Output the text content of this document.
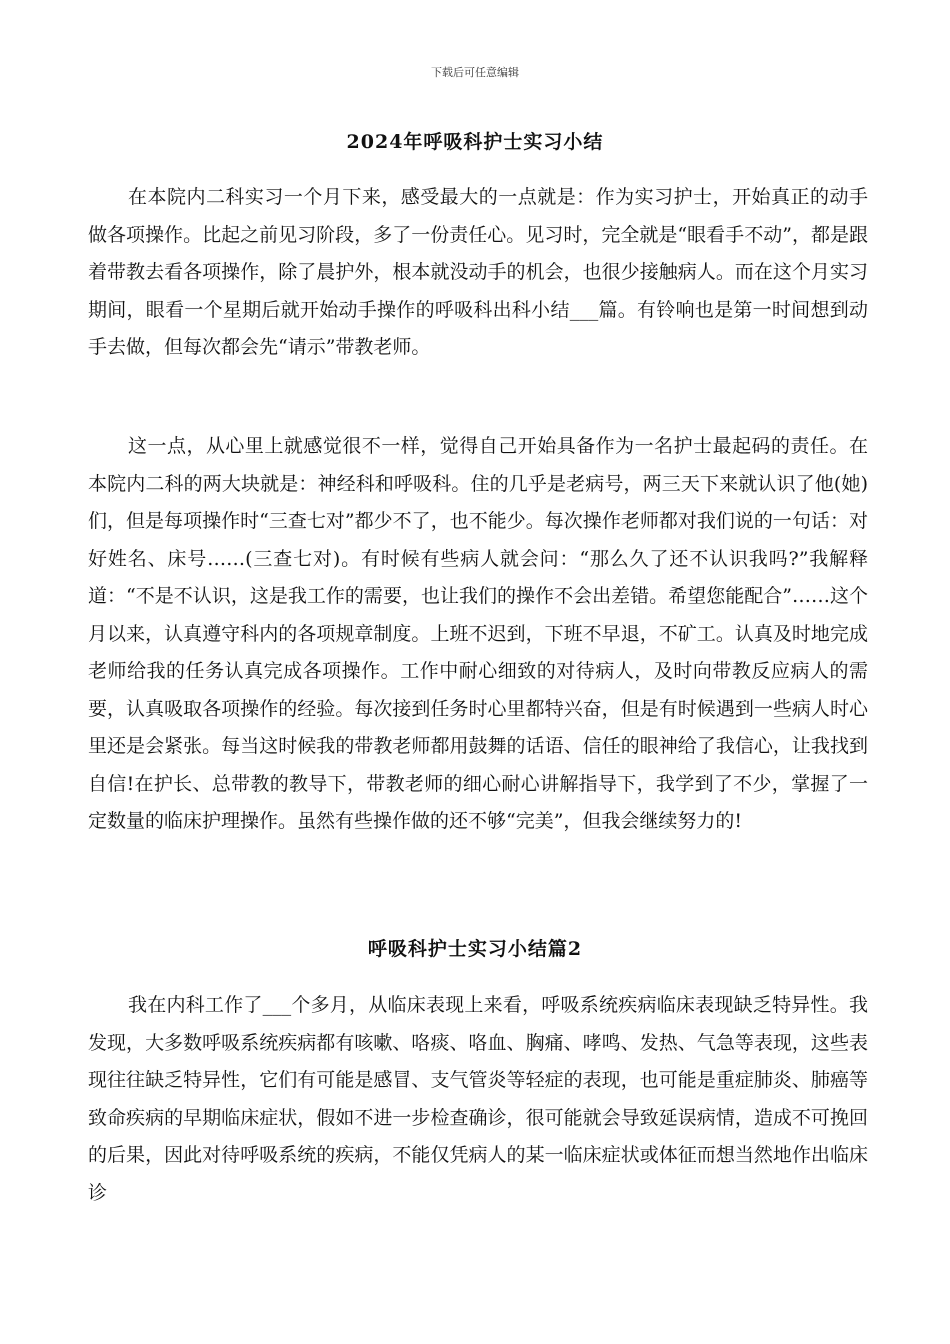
下载后可任意编辑
2024年呼吸科护士实习小结

在本院内二科实习一个月下来，感受最大的一点就是：作为实习护士，开始真正的动手做各项操作。比起之前见习阶段，多了一份责任心。见习时，完全就是“眼看手不动”，都是跟着带教去看各项操作，除了晨护外，根本就没动手的机会，也很少接触病人。而在这个月实习期间，眼看一个星期后就开始动手操作的呼吸科出科小结___篇。有铃响也是第一时间想到动手去做，但每次都会先“请示”带教老师。

这一点，从心里上就感觉很不一样，觉得自己开始具备作为一名护士最起码的责任。在本院内二科的两大块就是：神经科和呼吸科。住的几乎是老病号，两三天下来就认识了他(她)们，但是每项操作时“三查七对”都少不了，也不能少。每次操作老师都对我们说的一句话：对好姓名、床号……(三查七对)。有时候有些病人就会问：“那么久了还不认识我吗?”我解释道：“不是不认识，这是我工作的需要，也让我们的操作不会出差错。希望您能配合”……这个月以来，认真遵守科内的各项规章制度。上班不迟到，下班不早退，不矿工。认真及时地完成老师给我的任务认真完成各项操作。工作中耐心细致的对待病人，及时向带教反应病人的需要，认真吸取各项操作的经验。每次接到任务时心里都特兴奋，但是有时候遇到一些病人时心里还是会紧张。每当这时候我的带教老师都用鼓舞的话语、信任的眼神给了我信心，让我找到自信!在护长、总带教的教导下，带教老师的细心耐心讲解指导下，我学到了不少，掌握了一定数量的临床护理操作。虽然有些操作做的还不够“完美”，但我会继续努力的!

呼吸科护士实习小结篇2

我在内科工作了___个多月，从临床表现上来看，呼吸系统疾病临床表现缺乏特异性。我发现，大多数呼吸系统疾病都有咳嗽、咯痰、咯血、胸痛、哮鸣、发热、气急等表现，这些表现往往缺乏特异性，它们有可能是感冒、支气管炎等轻症的表现，也可能是重症肺炎、肺癌等致命疾病的早期临床症状，假如不进一步检查确诊，很可能就会导致延误病情，造成不可挽回的后果，因此对待呼吸系统的疾病，不能仅凭病人的某一临床症状或体征而想当然地作出临床诊
